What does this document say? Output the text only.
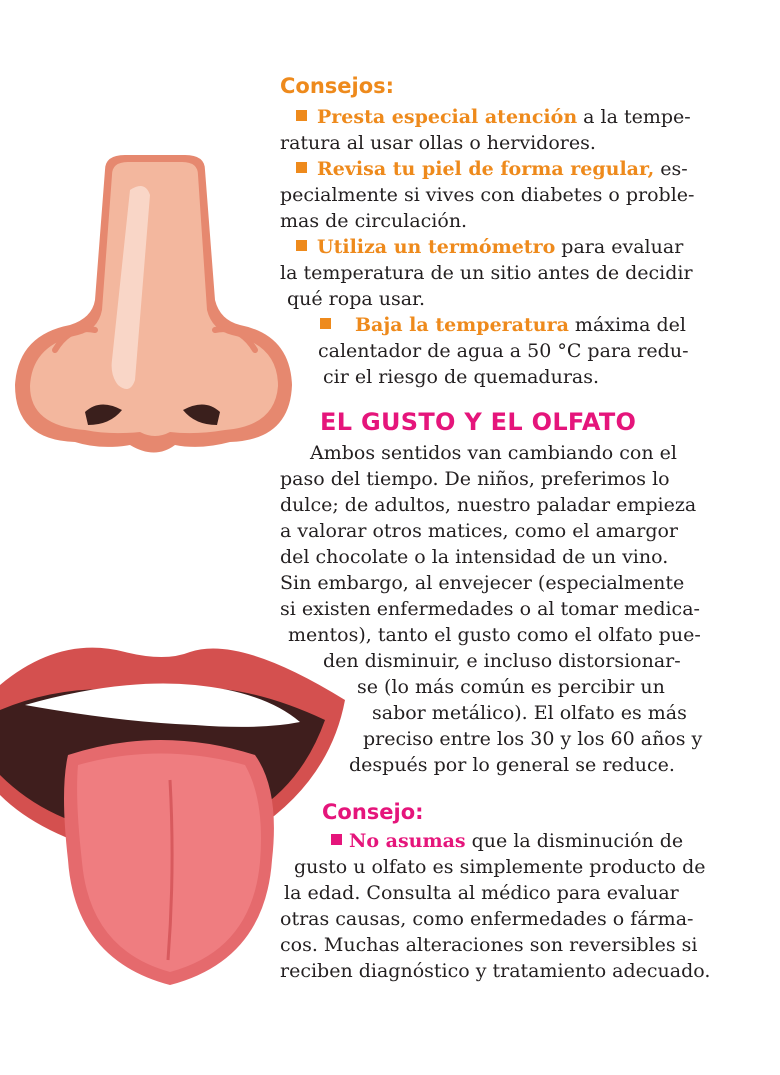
Consejos:
Presta especial atención a la tempe-
ratura al usar ollas o hervidores.
Revisa tu piel de forma regular, es-
pecialmente si vives con diabetes o proble-
mas de circulación.
Utiliza un termómetro para evaluar
la temperatura de un sitio antes de decidir
qué ropa usar.
Baja la temperatura máxima del
calentador de agua a 50 °C para redu-
cir el riesgo de quemaduras.
EL GUSTO Y EL OLFATO
Ambos sentidos van cambiando con el
paso del tiempo. De niños, preferimos lo
dulce; de adultos, nuestro paladar empieza
a valorar otros matices, como el amargor
del chocolate o la intensidad de un vino.
Sin embargo, al envejecer (especialmente
si existen enfermedades o al tomar medica-
mentos), tanto el gusto como el olfato pue-
den disminuir, e incluso distorsionar-
se (lo más común es percibir un
sabor metálico). El olfato es más
preciso entre los 30 y los 60 años y
después por lo general se reduce.
Consejo:
No asumas que la disminución de
gusto u olfato es simplemente producto de
la edad. Consulta al médico para evaluar
otras causas, como enfermedades o fármа-
cos. Muchas alteraciones son reversibles si
reciben diagnóstico y tratamiento adecuado.
